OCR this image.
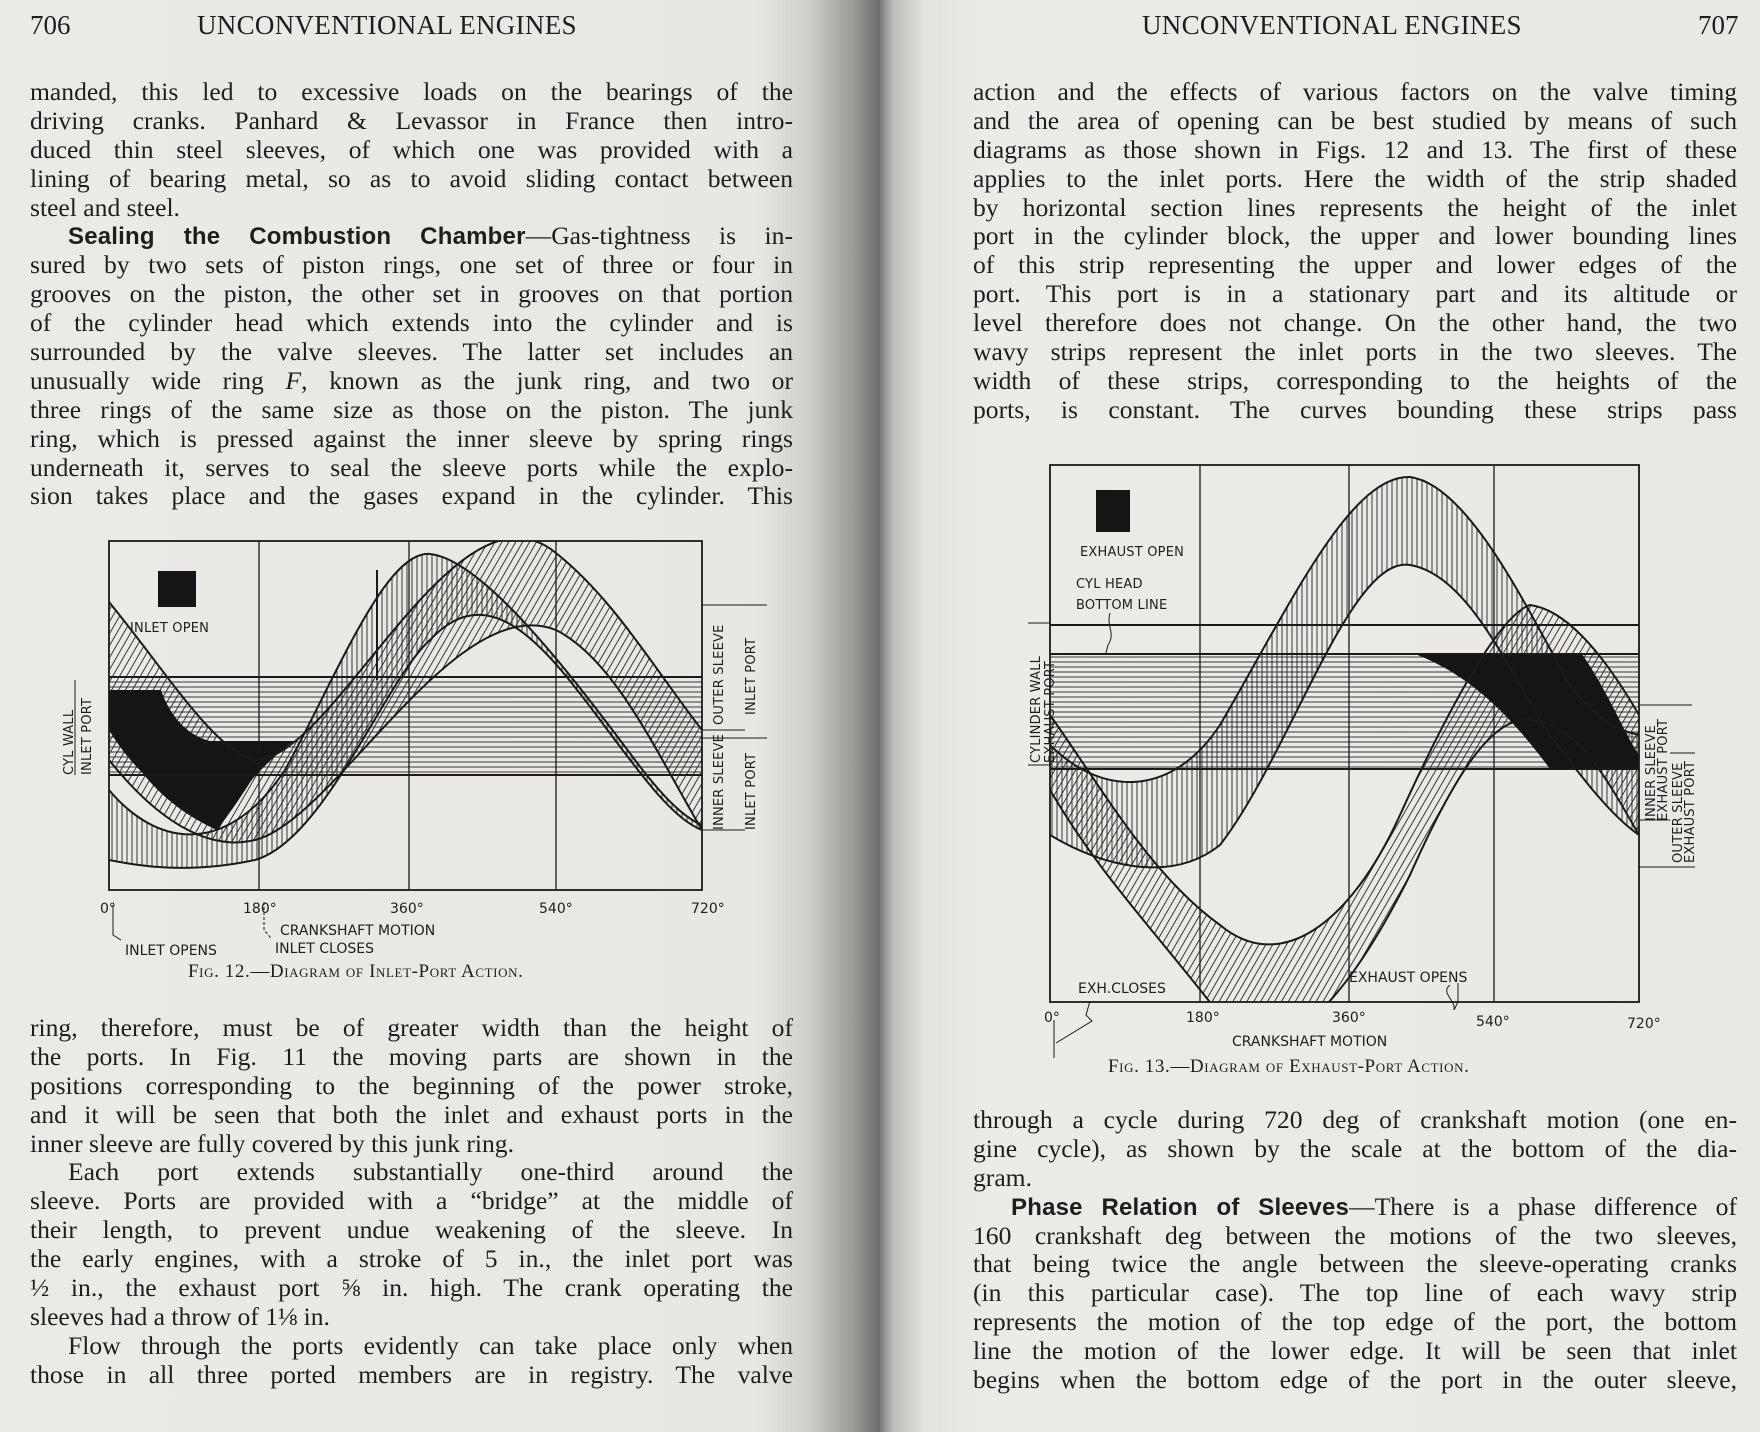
706	UNCONVENTIONAL ENGINES
manded, this led to excessive loads on the bearings of the
driving cranks. Panhard & Levassor in France then intro-
duced thin steel sleeves, of which one was provided with a
lining of bearing metal, so as to avoid sliding contact between
steel and steel.
Sealing the Combustion Chamber—Gas-tightness is in-
sured by two sets of piston rings, one set of three or four in
grooves on the piston, the other set in grooves on that portion
of the cylinder head which extends into the cylinder and is
surrounded by the valve sleeves. The latter set includes an
unusually wide ring F, known as the junk ring, and two or
three rings of the same size as those on the piston. The junk
ring, which is pressed against the inner sleeve by spring rings
underneath it, serves to seal the sleeve ports while the explo-
sion takes place and the gases expand in the cylinder. This
INLET OPEN
CYL WALL INLET PORT
OUTER SLEEVE INLET PORT
INNER SLEEVE INLET PORT
0°	180°	360°	540°	720°
CRANKSHAFT MOTION
INLET OPENS	INLET CLOSES
Fig. 12.—Diagram of Inlet-Port Action.
ring, therefore, must be of greater width than the height of
the ports. In Fig. 11 the moving parts are shown in the
positions corresponding to the beginning of the power stroke,
and it will be seen that both the inlet and exhaust ports in the
inner sleeve are fully covered by this junk ring.
Each port extends substantially one-third around the
sleeve. Ports are provided with a “bridge” at the middle of
their length, to prevent undue weakening of the sleeve. In
the early engines, with a stroke of 5 in., the inlet port was
½ in., the exhaust port ⅝ in. high. The crank operating the
sleeves had a throw of 1⅛ in.
Flow through the ports evidently can take place only when
those in all three ported members are in registry. The valve
UNCONVENTIONAL ENGINES	707
action and the effects of various factors on the valve timing
and the area of opening can be best studied by means of such
diagrams as those shown in Figs. 12 and 13. The first of these
applies to the inlet ports. Here the width of the strip shaded
by horizontal section lines represents the height of the inlet
port in the cylinder block, the upper and lower bounding lines
of this strip representing the upper and lower edges of the
port. This port is in a stationary part and its altitude or
level therefore does not change. On the other hand, the two
wavy strips represent the inlet ports in the two sleeves. The
width of these strips, corresponding to the heights of the
ports, is constant. The curves bounding these strips pass
EXHAUST OPEN
CYL HEAD
BOTTOM LINE
CYLINDER WALL EXHAUST PORT
INNER SLEEVE
EXHAUST PORT OUTER SLEEVE
EXHAUST PORT
EXHAUST OPENS
EXH.CLOSES
0°	180°	360°	540°	720°
CRANKSHAFT MOTION
Fig. 13.—Diagram of Exhaust-Port Action.
through a cycle during 720 deg of crankshaft motion (one en-
gine cycle), as shown by the scale at the bottom of the dia-
gram.
Phase Relation of Sleeves—There is a phase difference of
160 crankshaft deg between the motions of the two sleeves,
that being twice the angle between the sleeve-operating cranks
(in this particular case). The top line of each wavy strip
represents the motion of the top edge of the port, the bottom
line the motion of the lower edge. It will be seen that inlet
begins when the bottom edge of the port in the outer sleeve,
